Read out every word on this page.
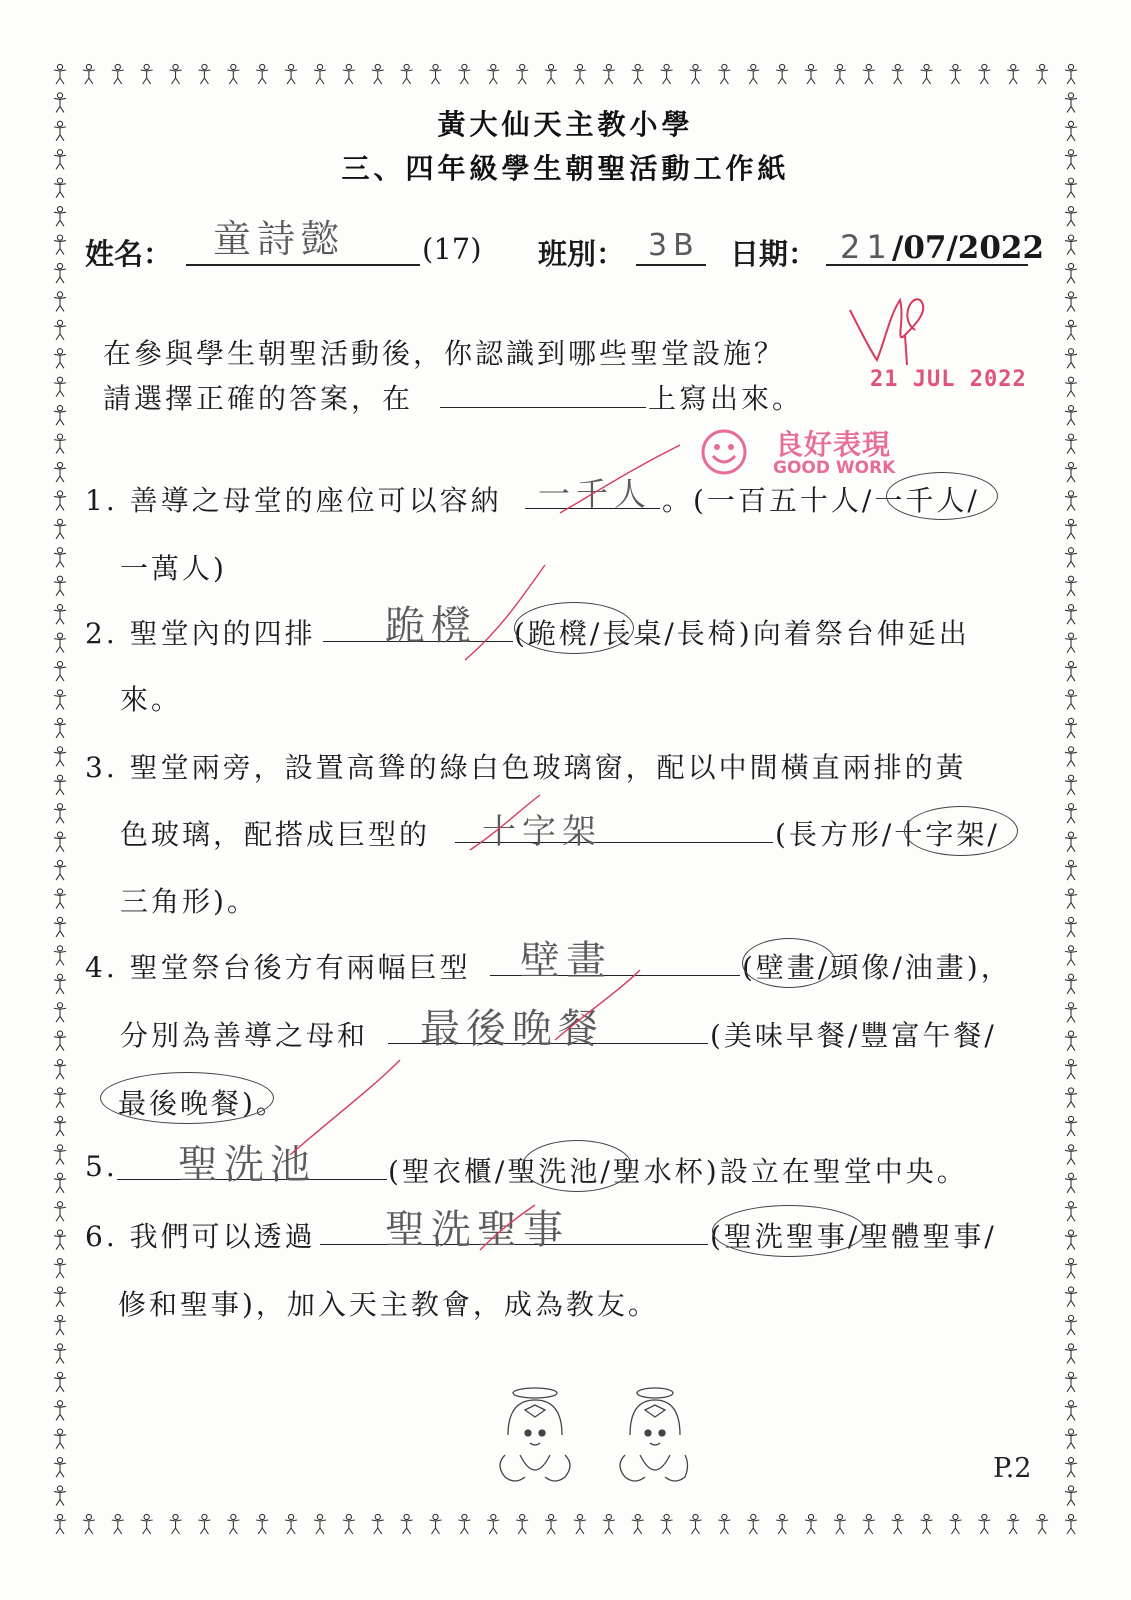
黃大仙天主教小學
三、四年級學生朝聖活動工作紙
姓名： 童詩懿	(17) 班別： 3B 日期： 21 /07/2022
21 JUL 2022
良好表現
GOOD WORK
在參與學生朝聖活動後，你認識到哪些聖堂設施？
請選擇正確的答案，在	上寫出來。
1. 善導之母堂的座位可以容納 一千人 。(一百五十人/一千人/
一萬人)
2. 聖堂內的四排 跪櫈 (跪櫈/長桌/長椅)向着祭台伸延出
來。
3. 聖堂兩旁，設置高聳的綠白色玻璃窗，配以中間橫直兩排的黃
色玻璃，配搭成巨型的 十字架	(長方形/十字架/
三角形)。
4. 聖堂祭台後方有兩幅巨型 壁畫	(壁畫/頭像/油畫)，
分別為善導之母和 最後晚餐	(美味早餐/豐富午餐/
最後晚餐)。
5. 聖洗池	(聖衣櫃/聖洗池/聖水杯)設立在聖堂中央。
6. 我們可以透過 聖洗聖事	(聖洗聖事/聖體聖事/
修和聖事)，加入天主教會，成為教友。
P.2
